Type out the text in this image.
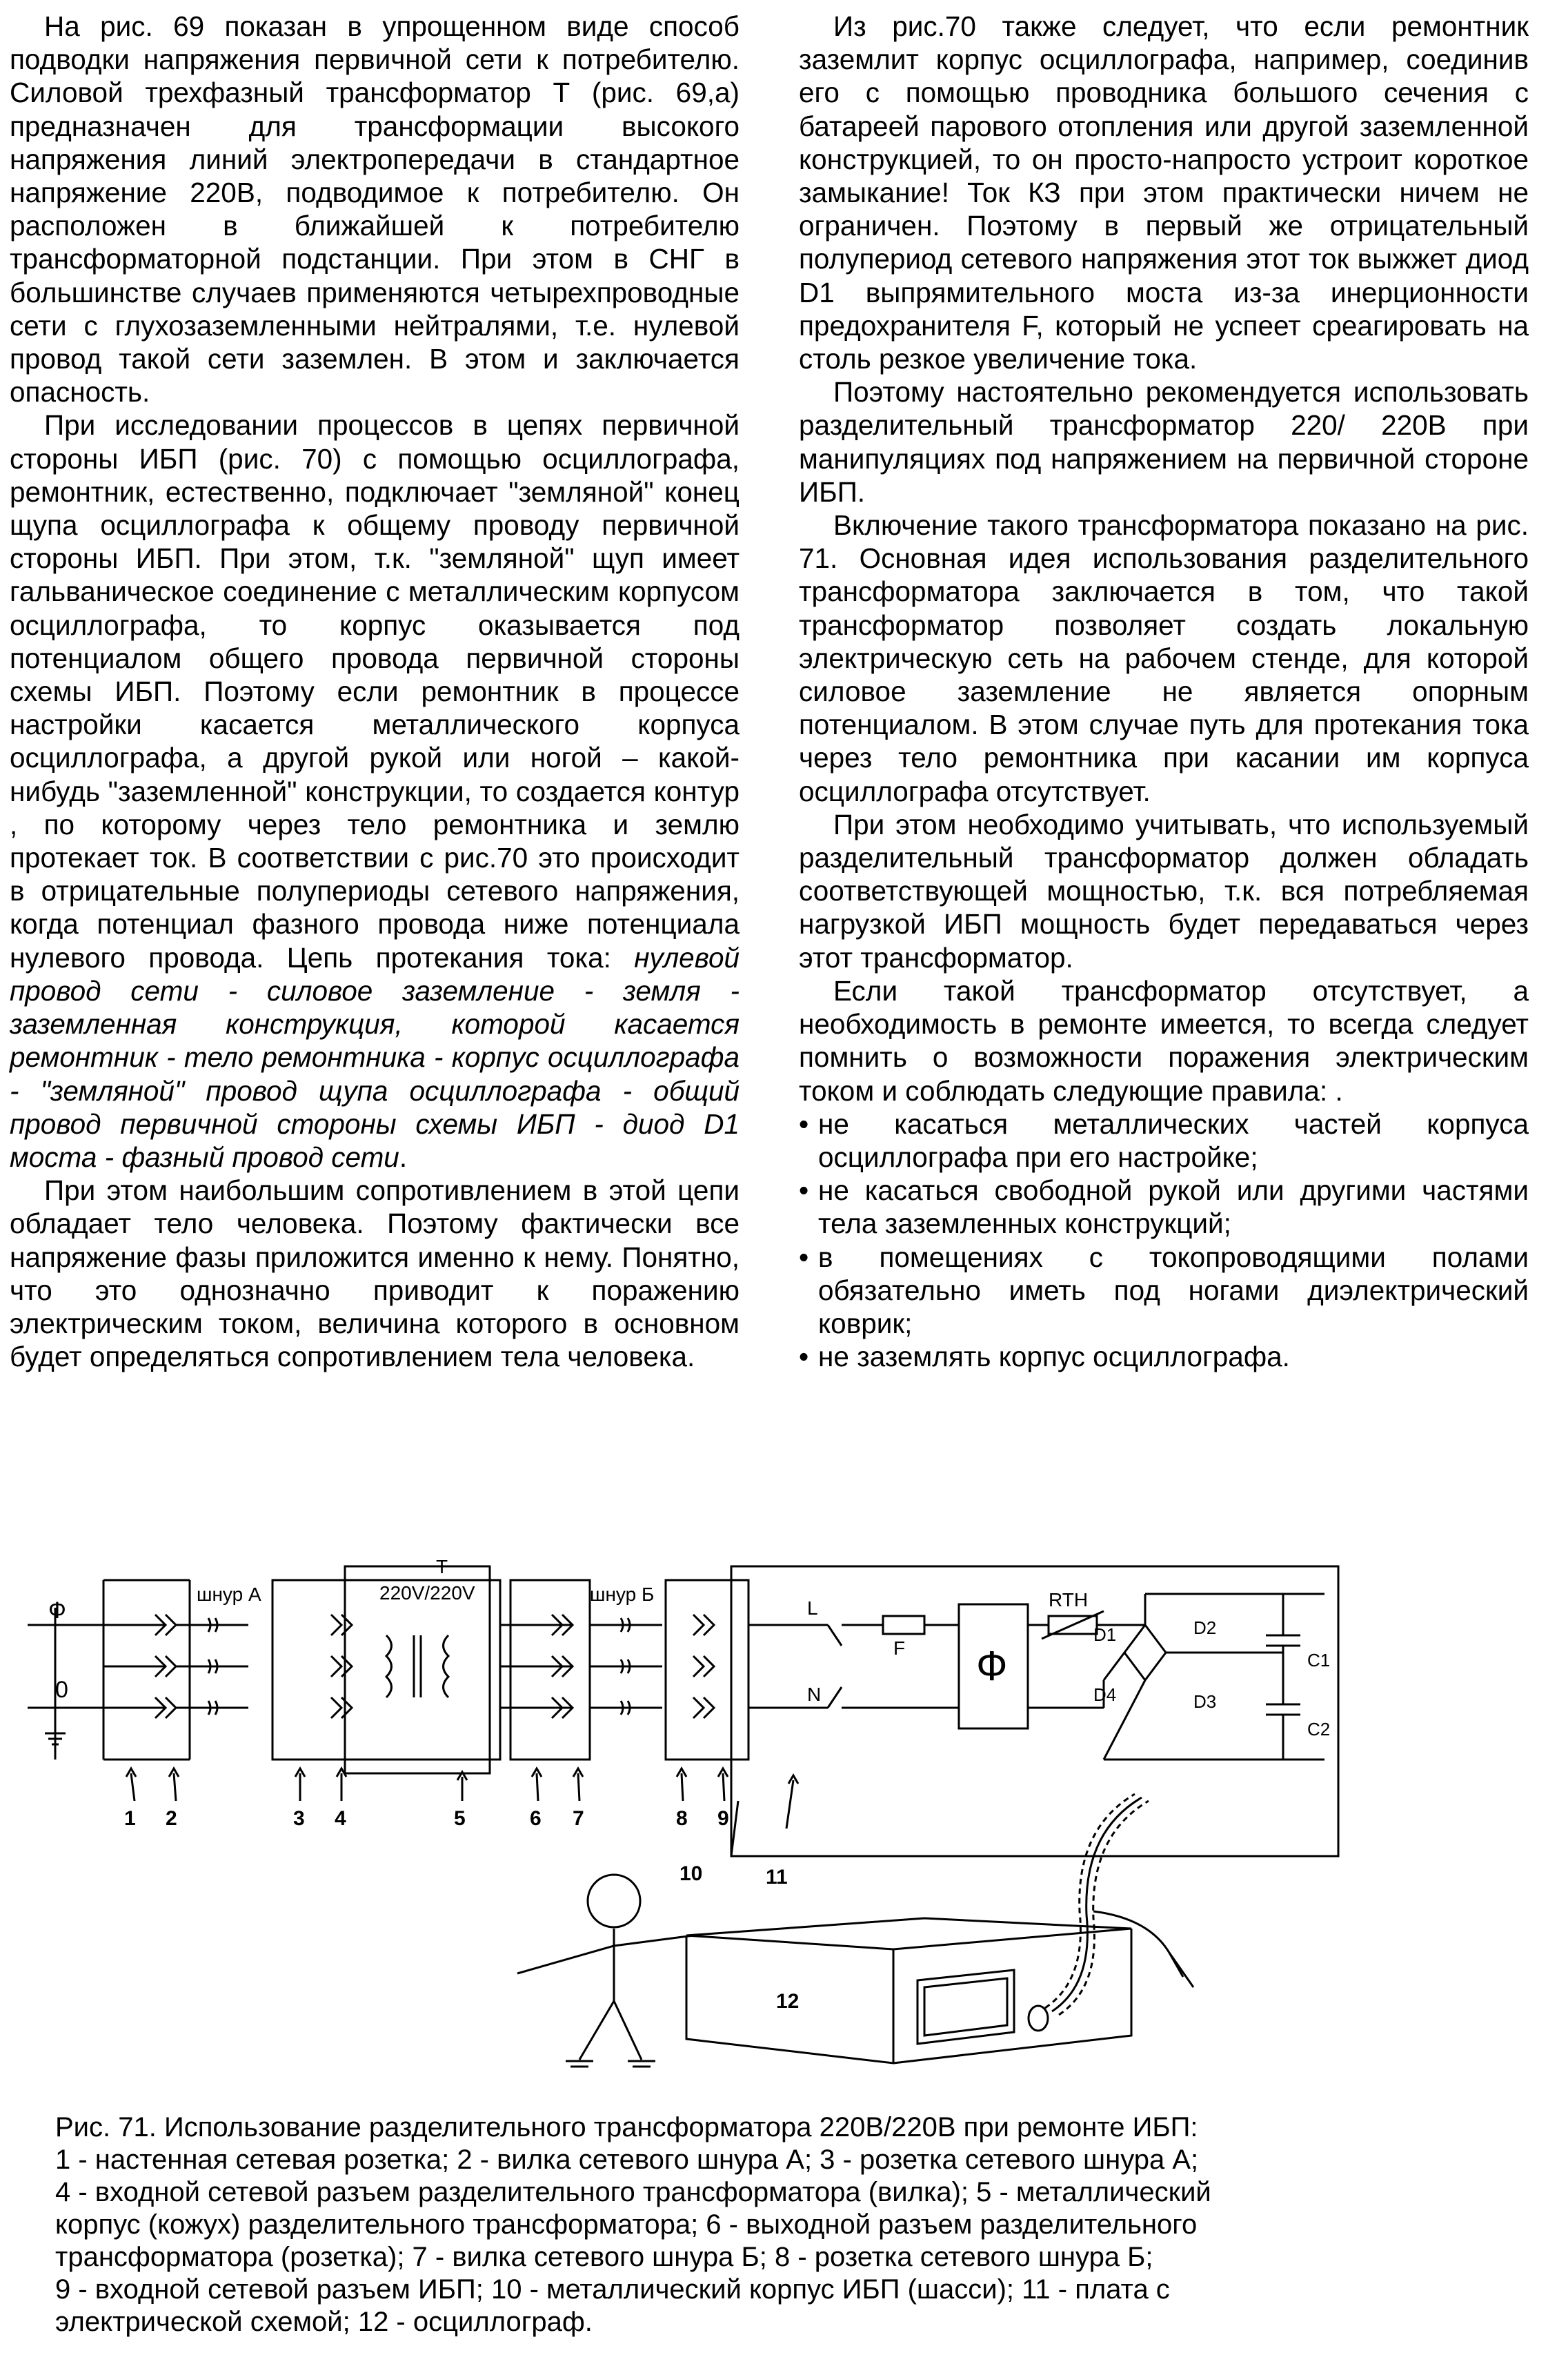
На рис. 69 показан в упрощенном виде способ подводки напряжения первичной сети к потребителю. Силовой трехфазный трансформатор Т (рис. 69,а) предназначен для трансформации высокого напряжения линий электропередачи в стандартное напряжение 220В, подводимое к потребителю. Он расположен в ближайшей к потребителю трансформаторной подстанции. При этом в СНГ в большинстве случаев применяются четырехпроводные сети с глухозаземленными нейтралями, т.е. нулевой провод такой сети заземлен. В этом и заключается опасность.

При исследовании процессов в цепях первичной стороны ИБП (рис. 70) с помощью осциллографа, ремонтник, естественно, подключает "земляной" конец щупа осциллографа к общему проводу первичной стороны ИБП. При этом, т.к. "земляной" щуп имеет гальваническое соединение с металлическим корпусом осциллографа, то корпус оказывается под потенциалом общего провода первичной стороны схемы ИБП. Поэтому если ремонтник в процессе настройки касается металлического корпуса осциллографа, а другой рукой или ногой – какой-нибудь "заземленной" конструкции, то создается контур , по которому через тело ремонтника и землю протекает ток. В соответствии с рис.70 это происходит в отрицательные полупериоды сетевого напряжения, когда потенциал фазного провода ниже потенциала нулевого провода. Цепь протекания тока: нулевой провод сети - силовое заземление - земля - заземленная конструкция, которой касается ремонтник - тело ремонтника - корпус осциллографа - "земляной" провод щупа осциллографа - общий провод первичной стороны схемы ИБП - диод D1 моста - фазный провод сети.

При этом наибольшим сопротивлением в этой цепи обладает тело человека. Поэтому фактически все напряжение фазы приложится именно к нему. Понятно, что это однозначно приводит к поражению электрическим током, величина которого в основном будет определяться сопротивлением тела человека.

Из рис.70 также следует, что если ремонтник заземлит корпус осциллографа, например, соединив его с помощью проводника большого сечения с батареей парового отопления или другой заземленной конструкцией, то он просто-напросто устроит короткое замыкание! Ток КЗ при этом практически ничем не ограничен. Поэтому в первый же отрицательный полупериод сетевого напряжения этот ток выжжет диод D1 выпрямительного моста из-за инерционности предохранителя F, который не успеет среагировать на столь резкое увеличение тока.

Поэтому настоятельно рекомендуется использовать разделительный трансформатор 220/ 220В при манипуляциях под напряжением на первичной стороне ИБП.

Включение такого трансформатора показано на рис. 71. Основная идея использования разделительного трансформатора заключается в том, что такой трансформатор позволяет создать локальную электрическую сеть на рабочем стенде, для которой силовое заземление не является опорным потенциалом. В этом случае путь для протекания тока через тело ремонтника при касании им корпуса осциллографа отсутствует.

При этом необходимо учитывать, что используемый разделительный трансформатор должен обладать соответствующей мощностью, т.к. вся потребляемая нагрузкой ИБП мощность будет передаваться через этот трансформатор.

Если такой трансформатор отсутствует, а необходимость в ремонте имеется, то всегда следует помнить о возможности поражения электрическим током и соблюдать следующие правила: .

• не касаться металлических частей корпуса осциллографа при его настройке;
• не касаться свободной рукой или другими частями тела заземленных конструкций;
• в помещениях с токопроводящими полами обязательно иметь под ногами диэлектрический коврик;
• не заземлять корпус осциллографа.
Ф
0
шнур А
T
220V/220V	шнур Б
L
N
F Ф
RTH
D1	D2
D3
D4
C1
C2
1 2	3 4	5	6 7	8 9
10	11
12
Рис. 71. Использование разделительного трансформатора 220В/220В при ремонте ИБП:
1 - настенная сетевая розетка; 2 - вилка сетевого шнура А; 3 - розетка сетевого шнура А;
4 - входной сетевой разъем разделительного трансформатора (вилка); 5 - металлический
корпус (кожух) разделительного трансформатора; 6 - выходной разъем разделительного
трансформатора (розетка); 7 - вилка сетевого шнура Б; 8 - розетка сетевого шнура Б;
9 - входной сетевой разъем ИБП; 10 - металлический корпус ИБП (шасси); 11 - плата с
электрической схемой; 12 - осциллограф.
